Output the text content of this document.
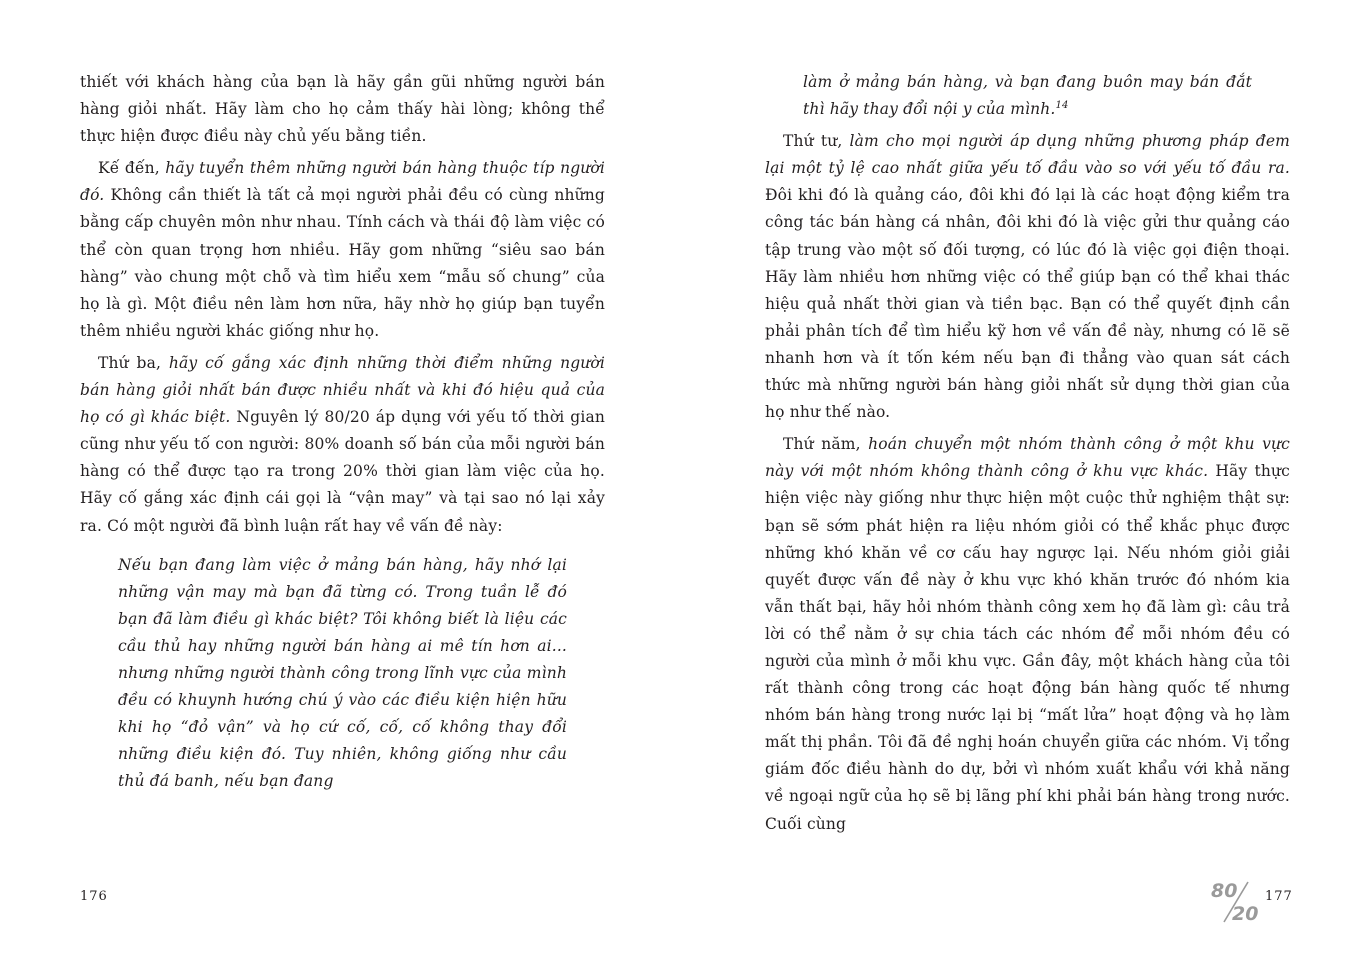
thiết với khách hàng của bạn là hãy gần gũi những người bán hàng giỏi nhất. Hãy làm cho họ cảm thấy hài lòng; không thể thực hiện được điều này chủ yếu bằng tiền.

Kế đến, hãy tuyển thêm những người bán hàng thuộc típ người đó. Không cần thiết là tất cả mọi người phải đều có cùng những bằng cấp chuyên môn như nhau. Tính cách và thái độ làm việc có thể còn quan trọng hơn nhiều. Hãy gom những “siêu sao bán hàng” vào chung một chỗ và tìm hiểu xem “mẫu số chung” của họ là gì. Một điều nên làm hơn nữa, hãy nhờ họ giúp bạn tuyển thêm nhiều người khác giống như họ.

Thứ ba, hãy cố gắng xác định những thời điểm những người bán hàng giỏi nhất bán được nhiều nhất và khi đó hiệu quả của họ có gì khác biệt. Nguyên lý 80/20 áp dụng với yếu tố thời gian cũng như yếu tố con người: 80% doanh số bán của mỗi người bán hàng có thể được tạo ra trong 20% thời gian làm việc của họ. Hãy cố gắng xác định cái gọi là “vận may” và tại sao nó lại xảy ra. Có một người đã bình luận rất hay về vấn đề này:

Nếu bạn đang làm việc ở mảng bán hàng, hãy nhớ lại những vận may mà bạn đã từng có. Trong tuần lễ đó bạn đã làm điều gì khác biệt? Tôi không biết là liệu các cầu thủ hay những người bán hàng ai mê tín hơn ai... nhưng những người thành công trong lĩnh vực của mình đều có khuynh hướng chú ý vào các điều kiện hiện hữu khi họ “đỏ vận” và họ cứ cố, cố, cố không thay đổi những điều kiện đó. Tuy nhiên, không giống như cầu thủ đá banh, nếu bạn đang
176
làm ở mảng bán hàng, và bạn đang buôn may bán đắt thì hãy thay đổi nội y của mình.$^{14}$

Thứ tư, làm cho mọi người áp dụng những phương pháp đem lại một tỷ lệ cao nhất giữa yếu tố đầu vào so với yếu tố đầu ra. Đôi khi đó là quảng cáo, đôi khi đó lại là các hoạt động kiểm tra công tác bán hàng cá nhân, đôi khi đó là việc gửi thư quảng cáo tập trung vào một số đối tượng, có lúc đó là việc gọi điện thoại. Hãy làm nhiều hơn những việc có thể giúp bạn có thể khai thác hiệu quả nhất thời gian và tiền bạc. Bạn có thể quyết định cần phải phân tích để tìm hiểu kỹ hơn về vấn đề này, nhưng có lẽ sẽ nhanh hơn và ít tốn kém nếu bạn đi thẳng vào quan sát cách thức mà những người bán hàng giỏi nhất sử dụng thời gian của họ như thế nào.

Thứ năm, hoán chuyển một nhóm thành công ở một khu vực này với một nhóm không thành công ở khu vực khác. Hãy thực hiện việc này giống như thực hiện một cuộc thử nghiệm thật sự: bạn sẽ sớm phát hiện ra liệu nhóm giỏi có thể khắc phục được những khó khăn về cơ cấu hay ngược lại. Nếu nhóm giỏi giải quyết được vấn đề này ở khu vực khó khăn trước đó nhóm kia vẫn thất bại, hãy hỏi nhóm thành công xem họ đã làm gì: câu trả lời có thể nằm ở sự chia tách các nhóm để mỗi nhóm đều có người của mình ở mỗi khu vực. Gần đây, một khách hàng của tôi rất thành công trong các hoạt động bán hàng quốc tế nhưng nhóm bán hàng trong nước lại bị “mất lửa” hoạt động và họ làm mất thị phần. Tôi đã đề nghị hoán chuyển giữa các nhóm. Vị tổng giám đốc điều hành do dự, bởi vì nhóm xuất khẩu với khả năng về ngoại ngữ của họ sẽ bị lãng phí khi phải bán hàng trong nước. Cuối cùng

80
20
177
